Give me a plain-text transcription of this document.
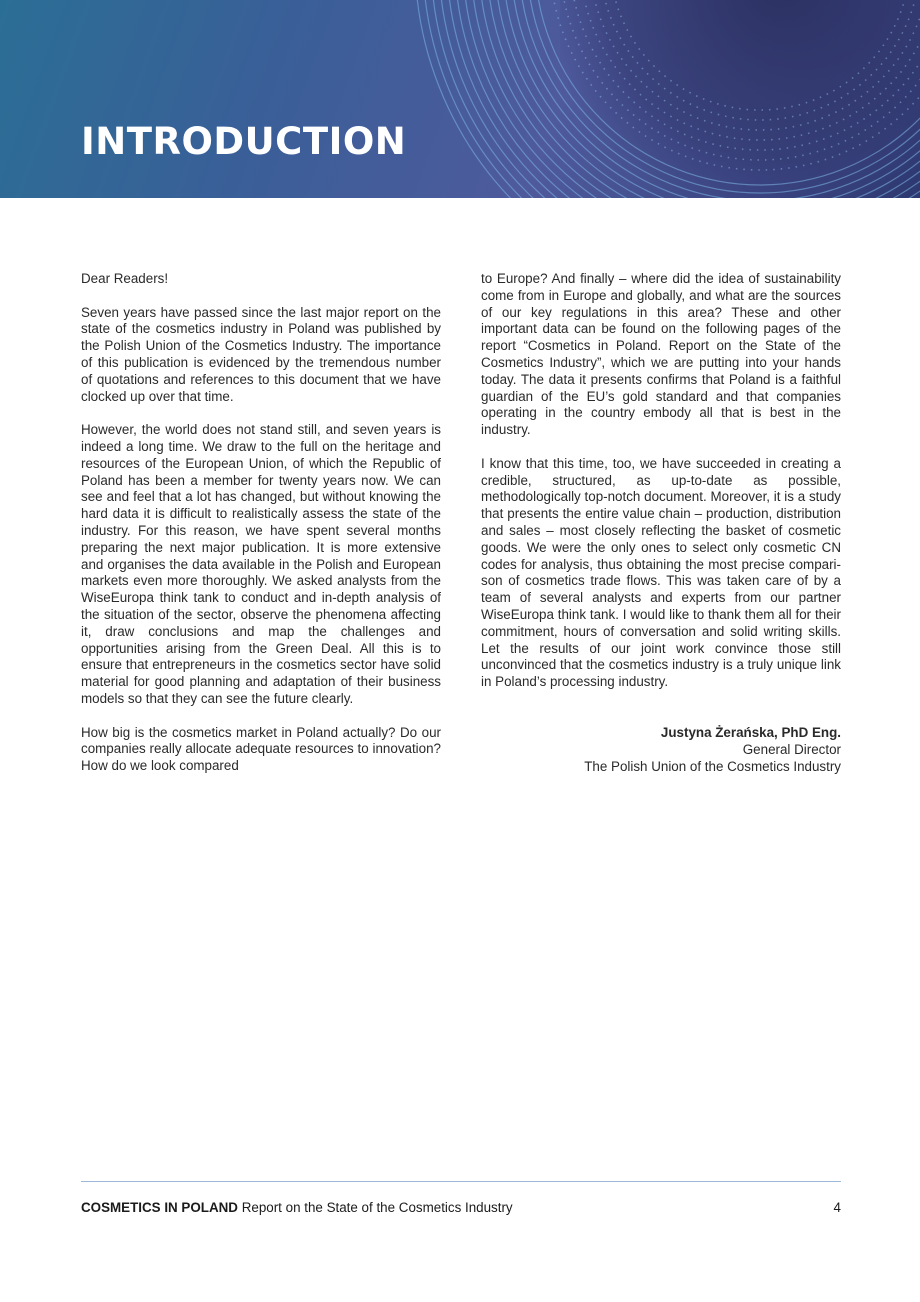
INTRODUCTION

Dear Readers!

Seven years have passed since the last major report on the state of the cosmetics industry in Poland was published by the Polish Union of the Cosmetics Industry. The importance of this publication is evidenced by the tremendous number of quotations and references to this document that we have clocked up over that time.

However, the world does not stand still, and seven years is indeed a long time. We draw to the full on the heritage and resources of the European Union, of which the Republic of Poland has been a member for twenty years now. We can see and feel that a lot has changed, but without knowing the hard data it is difficult to realistically assess the state of the industry. For this reason, we have spent several months preparing the next major publication. It is more extensive and organises the data available in the Polish and European markets even more thoroughly. We asked analysts from the WiseEuropa think tank to conduct and in-depth analysis of the situation of the sector, observe the phenomena affecting it, draw conclusions and map the challenges and opportunities arising from the Green Deal. All this is to ensure that entrepreneurs in the cosmetics sector have solid material for good planning and adaptation of their business models so that they can see the future clearly.

How big is the cosmetics market in Poland actually? Do our companies really allocate adequate resources to innovation? How do we look compared

to Europe? And finally – where did the idea of sustainability come from in Europe and globally, and what are the sources of our key regulations in this area? These and other important data can be found on the following pages of the report “Cosmetics in Poland. Report on the State of the Cosmetics Industry”, which we are putting into your hands today. The data it presents confirms that Poland is a faithful guardian of the EU’s gold standard and that companies operating in the country embody all that is best in the industry.

I know that this time, too, we have succeeded in creating a credible, structured, as up-to-date as possible, methodologically top-notch document. Moreover, it is a study that presents the entire value chain – production, distribution and sales – most closely reflecting the basket of cosmetic goods. We were the only ones to select only cosmetic CN codes for analysis, thus obtaining the most precise comparison of cosmetics trade flows. This was taken care of by a team of several analysts and experts from our partner WiseEuropa think tank. I would like to thank them all for their commitment, hours of conversation and solid writing skills. Let the results of our joint work convince those still unconvinced that the cosmetics industry is a truly unique link in Poland’s processing industry.

Justyna Żerańska, PhD Eng.
General Director
The Polish Union of the Cosmetics Industry
COSMETICS IN POLAND Report on the State of the Cosmetics Industry	4
